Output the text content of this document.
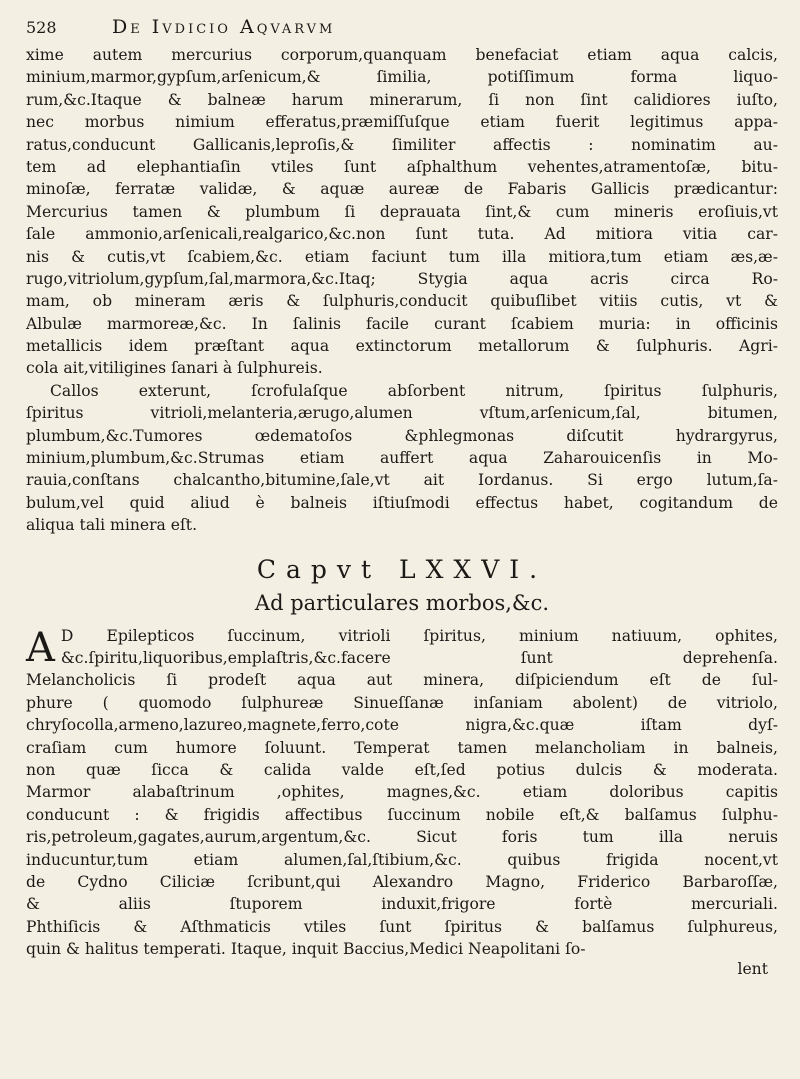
528	De Ivdicio Aqvarvm
xime autem mercurius corporum,quanquam benefaciat etiam aqua calcis,
minium,marmor,gypſum,arſenicum,& ſimilia, potiſſimum forma liquo-
rum,&c.Itaque & balneæ harum minerarum, ſi non ſint calidiores iuſto,
nec morbus nimium efferatus,præmiſſuſque etiam fuerit legitimus appa-
ratus,conducunt Gallicanis,leproſis,& ſimiliter affectis : nominatim au-
tem ad elephantiaſin vtiles ſunt aſphalthum vehentes,atramentoſæ, bitu-
minoſæ, ferratæ validæ, & aquæ aureæ de Fabaris Gallicis prædicantur:
Mercurius tamen & plumbum ſi deprauata ſint,& cum mineris eroſiuis,vt
ſale ammonio,arſenicali,realgarico,&c.non ſunt tuta. Ad mitiora vitia car-
nis & cutis,vt ſcabiem,&c. etiam faciunt tum illa mitiora,tum etiam æs,æ-
rugo,vitriolum,gypſum,ſal,marmora,&c.Itaq; Stygia aqua acris circa Ro-
mam, ob mineram æris & ſulphuris,conducit quibuſlibet vitiis cutis, vt &
Albulæ marmoreæ,&c. In ſalinis facile curant ſcabiem muria: in officinis
metallicis idem præſtant aqua extinctorum metallorum & ſulphuris. Agri-
cola ait,vitiligines ſanari à ſulphureis.
Callos exterunt, ſcrofulaſque abſorbent nitrum, ſpiritus ſulphuris,
ſpiritus vitrioli,melanteria,ærugo,alumen vſtum,arſenicum,ſal, bitumen,
plumbum,&c.Tumores œdematoſos &phlegmonas diſcutit hydrargyrus,
minium,plumbum,&c.Strumas etiam auffert aqua Zaharouicenſis in Mo-
rauia,conſtans chalcantho,bitumine,ſale,vt ait Iordanus. Si ergo lutum,ſa-
bulum,vel quid aliud è balneis iſtiuſmodi effectus habet, cogitandum de
aliqua tali minera eſt.
Capvt LXXVI.
Ad particulares morbos,&c.
A D Epilepticos ſuccinum, vitrioli ſpiritus, minium natiuum, ophites,
&c.ſpiritu,liquoribus,emplaſtris,&c.facere ſunt deprehenſa.
Melancholicis ſi prodeſt aqua aut minera, diſpiciendum eſt de ſul-
phure ( quomodo ſulphureæ Sinueſſanæ inſaniam abolent) de vitriolo,
chryſocolla,armeno,lazureo,magnete,ferro,cote nigra,&c.quæ iſtam dyſ-
craſiam cum humore ſoluunt. Temperat tamen melancholiam in balneis,
non quæ ſicca & calida valde eſt,ſed potius dulcis & moderata.
Marmor alabaſtrinum ,ophites, magnes,&c. etiam doloribus capitis
conducunt : & frigidis affectibus ſuccinum nobile eſt,& balſamus ſulphu-
ris,petroleum,gagates,aurum,argentum,&c. Sicut foris tum illa neruis
inducuntur,tum etiam alumen,ſal,ſtibium,&c. quibus frigida nocent,vt
de Cydno Ciliciæ ſcribunt,qui Alexandro Magno, Friderico Barbaroſſæ,
& aliis ſtuporem induxit,frigore fortè mercuriali.
Phthiſicis & Aſthmaticis vtiles ſunt ſpiritus & balſamus ſulphureus,
quin & halitus temperati. Itaque, inquit Baccius,Medici Neapolitani ſo-
lent
